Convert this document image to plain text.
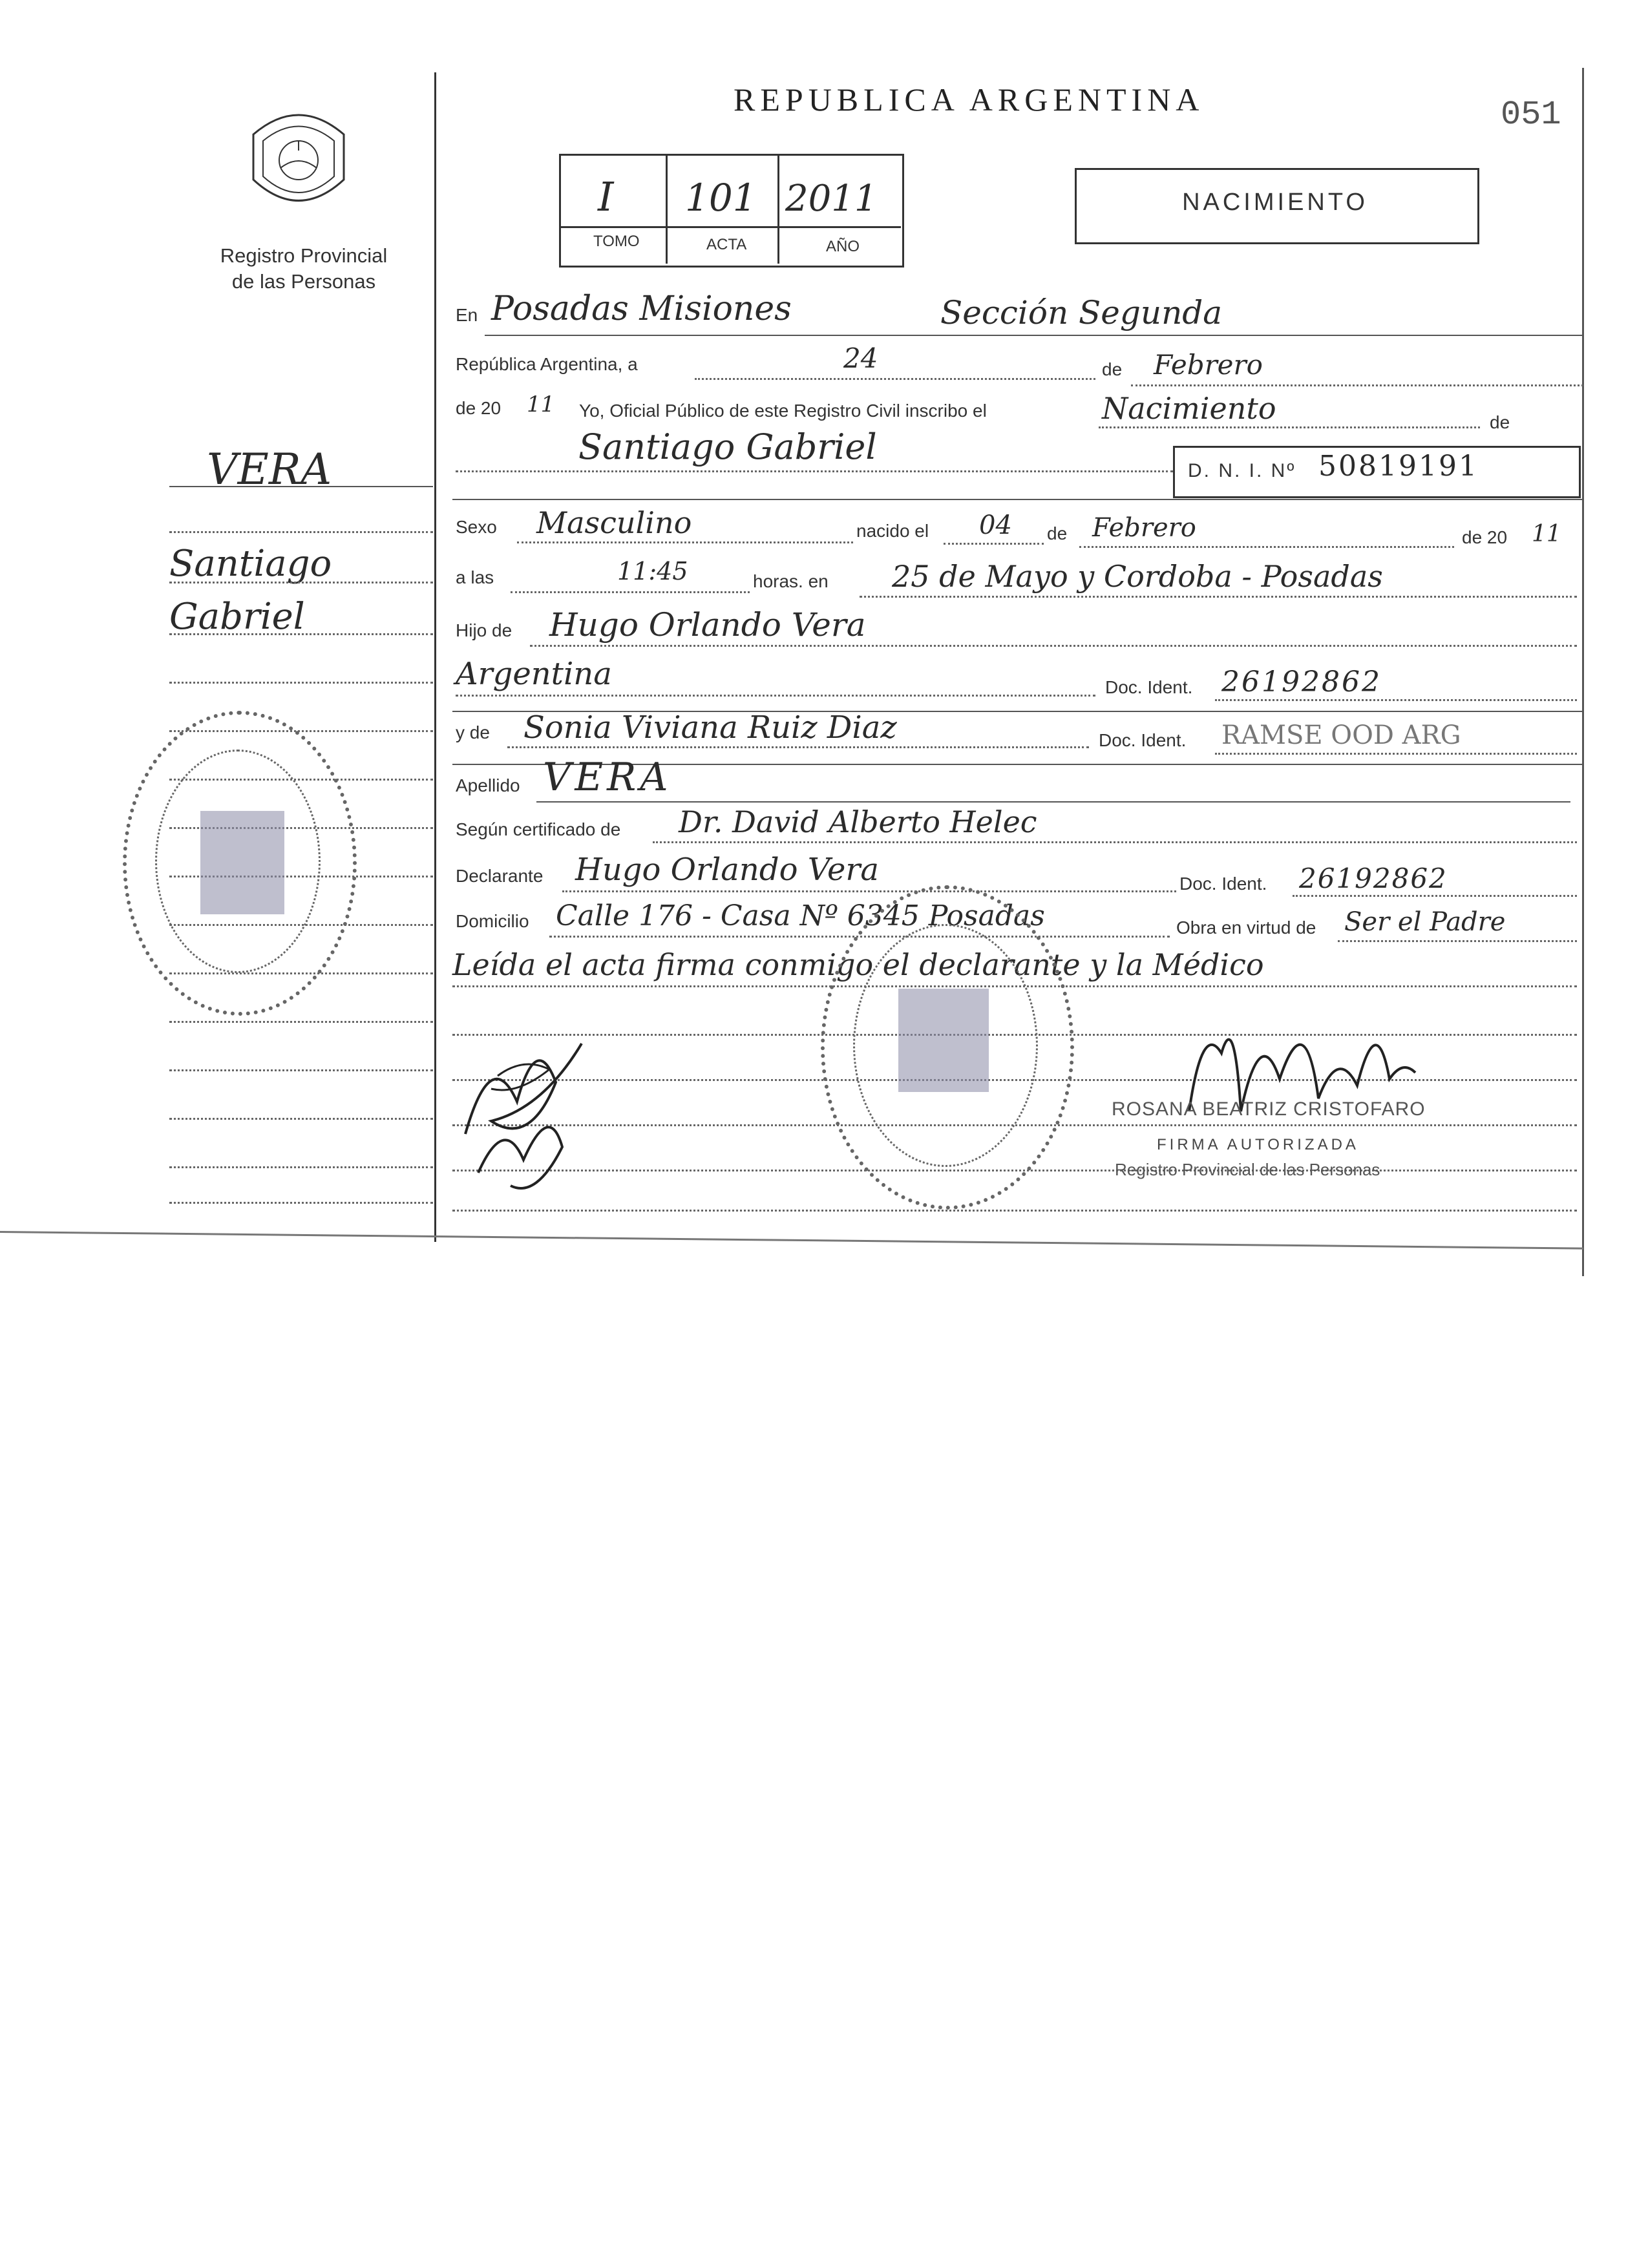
Registro Provincial
de las Personas
REPUBLICA ARGENTINA	051
I 101 2011
TOMO	ACTA	AÑO
NACIMIENTO
VERA
Santiago
Gabriel
En Posadas Misiones	Sección Segunda
República Argentina, a	24	de Febrero
de 20 11 Yo, Oficial Público de este Registro Civil inscribo el	Nacimiento	de
Santiago Gabriel
D. N. I. Nº 50819191
Sexo Masculino	nacido el 04 de Febrero	de 20 11
a las	11:45	horas. en 25 de Mayo y Cordoba - Posadas
Hijo de Hugo Orlando Vera
Argentina	Doc. Ident. 26192862
y de Sonia Viviana Ruiz Diaz	Doc. Ident. RAMSE OOD ARG
Apellido VERA
Según certificado de Dr. David Alberto Helec
Declarante Hugo Orlando Vera	Doc. Ident. 26192862
Domicilio Calle 176 - Casa Nº 6345 Posadas	Obra en virtud de Ser el Padre
Leída el acta firma conmigo el declarante y la Médico
ROSANA BEATRIZ CRISTOFARO
FIRMA AUTORIZADA
Registro Provincial de las Personas
